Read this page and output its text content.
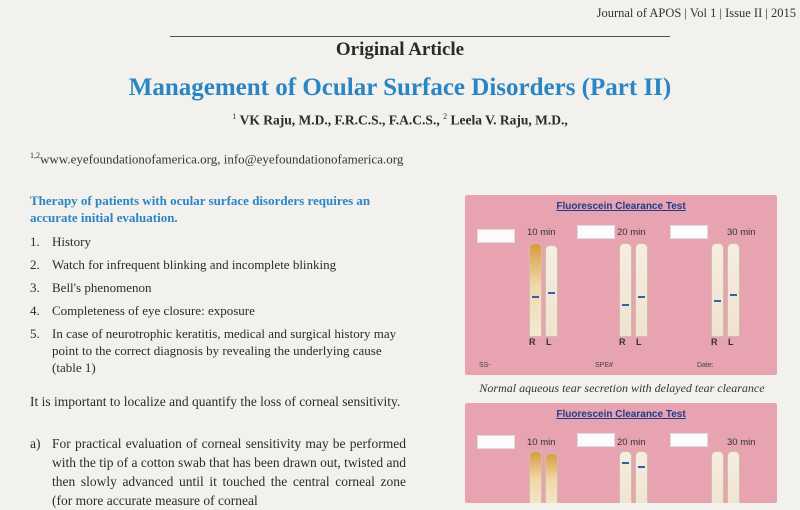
Journal of APOS | Vol 1 | Issue II | 2015
Original Article
Management of Ocular Surface Disorders (Part II)
$^1$ VK Raju, M.D., F.R.C.S., F.A.C.S., $^2$ Leela V. Raju, M.D.,
$^{1,2}$www.eyefoundationofamerica.org, info@eyefoundationofamerica.org
Therapy of patients with ocular surface disorders requires an accurate initial evaluation.
1. History
2. Watch for infrequent blinking and incomplete blinking
3. Bell's phenomenon
4. Completeness of eye closure: exposure
5. In case of neurotrophic keratitis, medical and surgical history may point to the correct diagnosis by revealing the underlying cause (table 1)
It is important to localize and quantify the loss of corneal sensitivity.
a) For practical evaluation of corneal sensitivity may be performed with the tip of a cotton swab that has been drawn out, twisted and then slowly advanced until it touched the central corneal zone (for more accurate measure of corneal
Fluorescein Clearance Test
10 min	20 min	30 min
R L	R L	R L
SS-	SPE#	Date:
Normal aqueous tear secretion with delayed tear clearance
Fluorescein Clearance Test
10 min	20 min	30 min
